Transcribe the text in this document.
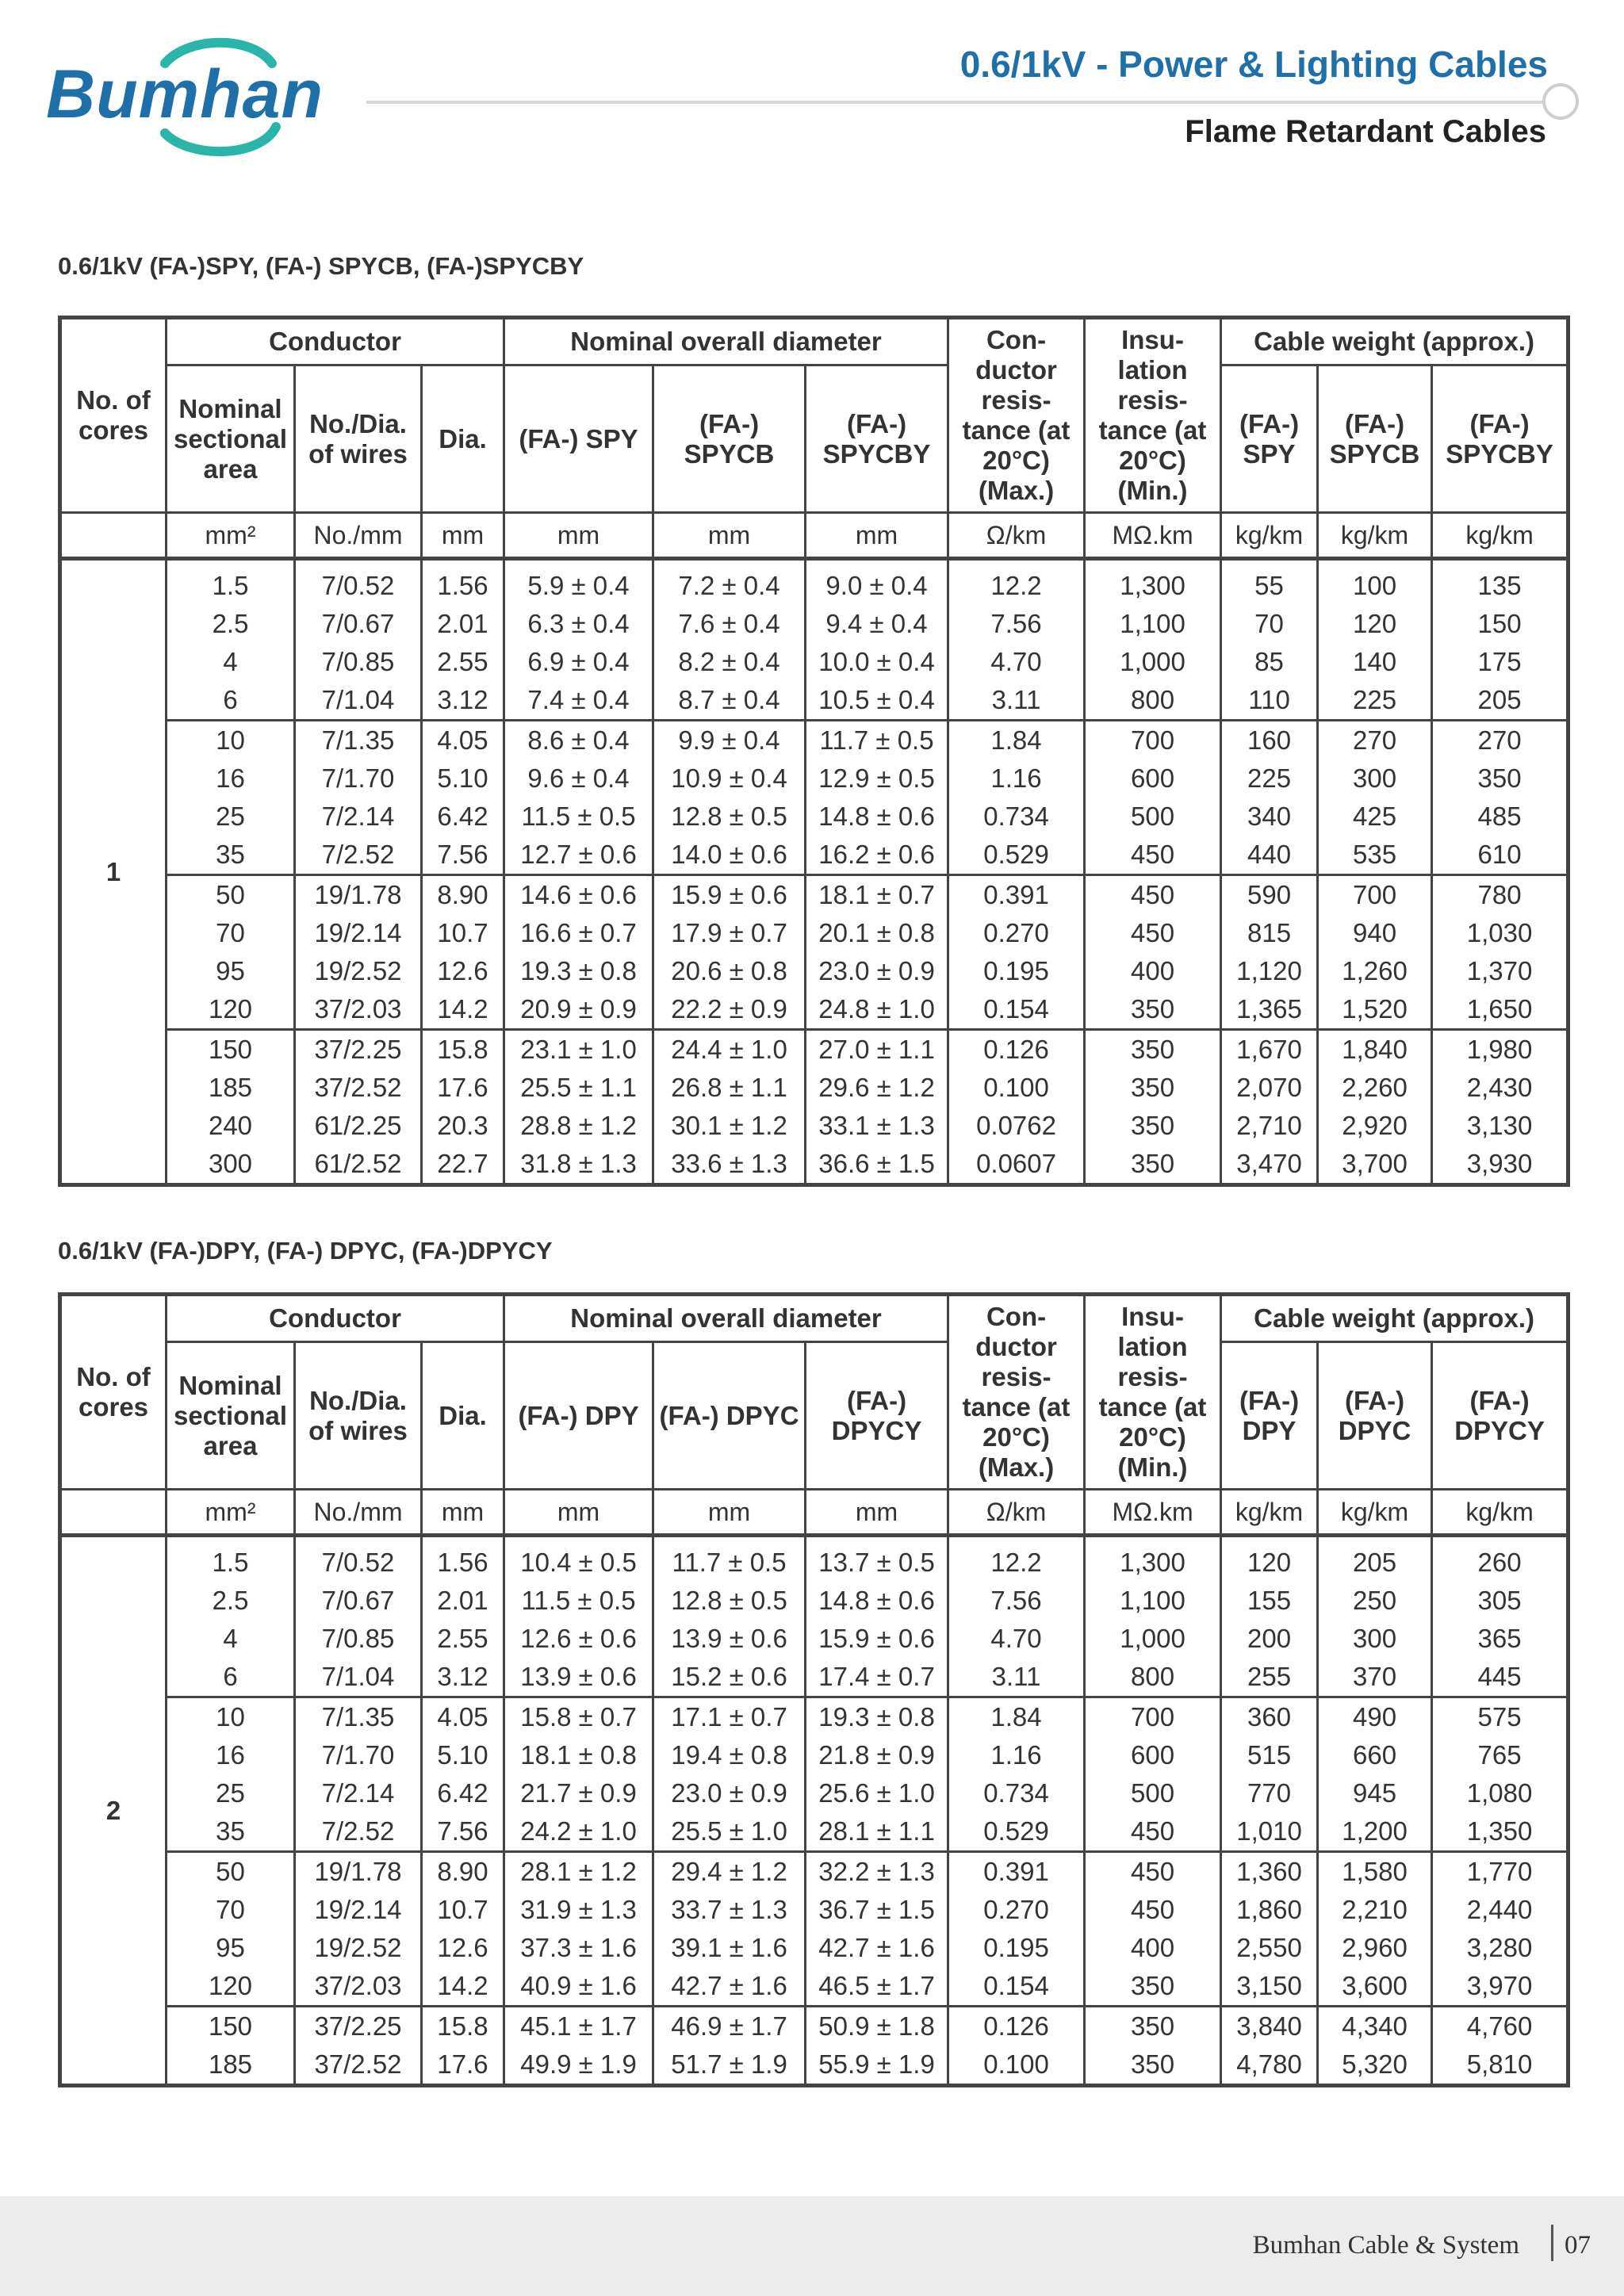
Bumhan	0.6/1kV - Power & Lighting Cables
Flame Retardant Cables
0.6/1kV (FA-)SPY, (FA-) SPYCB, (FA-)SPYCBY
No. of cores	Conductor			Nominal overall diameter			Con- ductor resis- tance (at 20°C) (Max.)	Insu- lation resis- tance (at 20°C) (Min.)	Cable weight (approx.)		
	Nominal sectional area	No./Dia. of wires	Dia.	(FA-) SPY	(FA-) SPYCB	(FA-) SPYCBY			(FA-) SPY	(FA-) SPYCB	(FA-) SPYCBY
	mm²	No./mm	mm	mm	mm	mm	Ω/km	MΩ.km	kg/km	kg/km	kg/km
1	1.5	7/0.52	1.56	5.9 ± 0.4	7.2 ± 0.4	9.0 ± 0.4	12.2	1,300	55	100	135
	2.5	7/0.67	2.01	6.3 ± 0.4	7.6 ± 0.4	9.4 ± 0.4	7.56	1,100	70	120	150
	4	7/0.85	2.55	6.9 ± 0.4	8.2 ± 0.4	10.0 ± 0.4	4.70	1,000	85	140	175
	6	7/1.04	3.12	7.4 ± 0.4	8.7 ± 0.4	10.5 ± 0.4	3.11	800	110	225	205
	10	7/1.35	4.05	8.6 ± 0.4	9.9 ± 0.4	11.7 ± 0.5	1.84	700	160	270	270
	16	7/1.70	5.10	9.6 ± 0.4	10.9 ± 0.4	12.9 ± 0.5	1.16	600	225	300	350
	25	7/2.14	6.42	11.5 ± 0.5	12.8 ± 0.5	14.8 ± 0.6	0.734	500	340	425	485
	35	7/2.52	7.56	12.7 ± 0.6	14.0 ± 0.6	16.2 ± 0.6	0.529	450	440	535	610
	50	19/1.78	8.90	14.6 ± 0.6	15.9 ± 0.6	18.1 ± 0.7	0.391	450	590	700	780
	70	19/2.14	10.7	16.6 ± 0.7	17.9 ± 0.7	20.1 ± 0.8	0.270	450	815	940	1,030
	95	19/2.52	12.6	19.3 ± 0.8	20.6 ± 0.8	23.0 ± 0.9	0.195	400	1,120	1,260	1,370
	120	37/2.03	14.2	20.9 ± 0.9	22.2 ± 0.9	24.8 ± 1.0	0.154	350	1,365	1,520	1,650
	150	37/2.25	15.8	23.1 ± 1.0	24.4 ± 1.0	27.0 ± 1.1	0.126	350	1,670	1,840	1,980
	185	37/2.52	17.6	25.5 ± 1.1	26.8 ± 1.1	29.6 ± 1.2	0.100	350	2,070	2,260	2,430
	240	61/2.25	20.3	28.8 ± 1.2	30.1 ± 1.2	33.1 ± 1.3	0.0762	350	2,710	2,920	3,130
	300	61/2.52	22.7	31.8 ± 1.3	33.6 ± 1.3	36.6 ± 1.5	0.0607	350	3,470	3,700	3,930
0.6/1kV (FA-)DPY, (FA-) DPYC, (FA-)DPYCY
No. of cores	Conductor			Nominal overall diameter			Con- ductor resis- tance (at 20°C) (Max.)	Insu- lation resis- tance (at 20°C) (Min.)	Cable weight (approx.)		
	Nominal sectional area	No./Dia. of wires	Dia.	(FA-) DPY	(FA-) DPYC	(FA-) DPYCY			(FA-) DPY	(FA-) DPYC	(FA-) DPYCY
	mm²	No./mm	mm	mm	mm	mm	Ω/km	MΩ.km	kg/km	kg/km	kg/km
2	1.5	7/0.52	1.56	10.4 ± 0.5	11.7 ± 0.5	13.7 ± 0.5	12.2	1,300	120	205	260
	2.5	7/0.67	2.01	11.5 ± 0.5	12.8 ± 0.5	14.8 ± 0.6	7.56	1,100	155	250	305
	4	7/0.85	2.55	12.6 ± 0.6	13.9 ± 0.6	15.9 ± 0.6	4.70	1,000	200	300	365
	6	7/1.04	3.12	13.9 ± 0.6	15.2 ± 0.6	17.4 ± 0.7	3.11	800	255	370	445
	10	7/1.35	4.05	15.8 ± 0.7	17.1 ± 0.7	19.3 ± 0.8	1.84	700	360	490	575
	16	7/1.70	5.10	18.1 ± 0.8	19.4 ± 0.8	21.8 ± 0.9	1.16	600	515	660	765
	25	7/2.14	6.42	21.7 ± 0.9	23.0 ± 0.9	25.6 ± 1.0	0.734	500	770	945	1,080
	35	7/2.52	7.56	24.2 ± 1.0	25.5 ± 1.0	28.1 ± 1.1	0.529	450	1,010	1,200	1,350
	50	19/1.78	8.90	28.1 ± 1.2	29.4 ± 1.2	32.2 ± 1.3	0.391	450	1,360	1,580	1,770
	70	19/2.14	10.7	31.9 ± 1.3	33.7 ± 1.3	36.7 ± 1.5	0.270	450	1,860	2,210	2,440
	95	19/2.52	12.6	37.3 ± 1.6	39.1 ± 1.6	42.7 ± 1.6	0.195	400	2,550	2,960	3,280
	120	37/2.03	14.2	40.9 ± 1.6	42.7 ± 1.6	46.5 ± 1.7	0.154	350	3,150	3,600	3,970
	150	37/2.25	15.8	45.1 ± 1.7	46.9 ± 1.7	50.9 ± 1.8	0.126	350	3,840	4,340	4,760
	185	37/2.52	17.6	49.9 ± 1.9	51.7 ± 1.9	55.9 ± 1.9	0.100	350	4,780	5,320	5,810
Bumhan Cable & System 07
